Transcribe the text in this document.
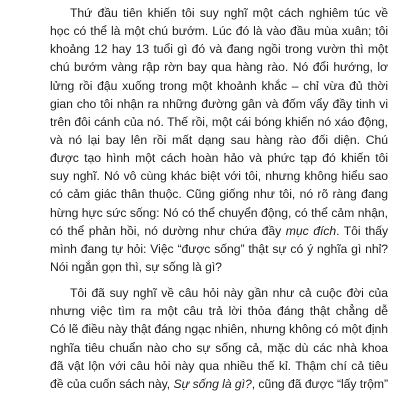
Thứ đầu tiên khiến tôi suy nghĩ một cách nghiêm túc về
học có thể là một chú bướm. Lúc đó là vào đầu mùa xuân; tôi
khoảng 12 hay 13 tuổi gì đó và đang ngồi trong vườn thì một
chú bướm vàng rập rờn bay qua hàng rào. Nó đổi hướng, lơ
lửng rồi đậu xuống trong một khoảnh khắc – chỉ vừa đủ thời
gian cho tôi nhận ra những đường gân và đốm vẩy đầy tinh vi
trên đôi cánh của nó. Thế rồi, một cái bóng khiến nó xáo động,
và nó lại bay lên rồi mất dạng sau hàng rào đối diện. Chú
được tạo hình một cách hoàn hảo và phức tạp đó khiến tôi
suy nghĩ. Nó vô cùng khác biệt với tôi, nhưng không hiểu sao
có cảm giác thân thuộc. Cũng giống như tôi, nó rõ ràng đang
hừng hực sức sống: Nó có thể chuyển động, có thể cảm nhận,
có thể phản hồi, nó dường như chứa đầy mục đích. Tôi thấy
mình đang tự hỏi: Việc “được sống” thật sự có ý nghĩa gì nhỉ?
Nói ngắn gọn thì, sự sống là gì?

Tôi đã suy nghĩ về câu hỏi này gần như cả cuộc đời của
nhưng việc tìm ra một câu trả lời thỏa đáng thật chẳng dễ
Có lẽ điều này thật đáng ngạc nhiên, nhưng không có một định
nghĩa tiêu chuẩn nào cho sự sống cả, mặc dù các nhà khoa
đã vật lộn với câu hỏi này qua nhiều thế kỉ. Thậm chí cả tiêu
đề của cuốn sách này, Sự sống là gì?, cũng đã được “lấy trộm”
